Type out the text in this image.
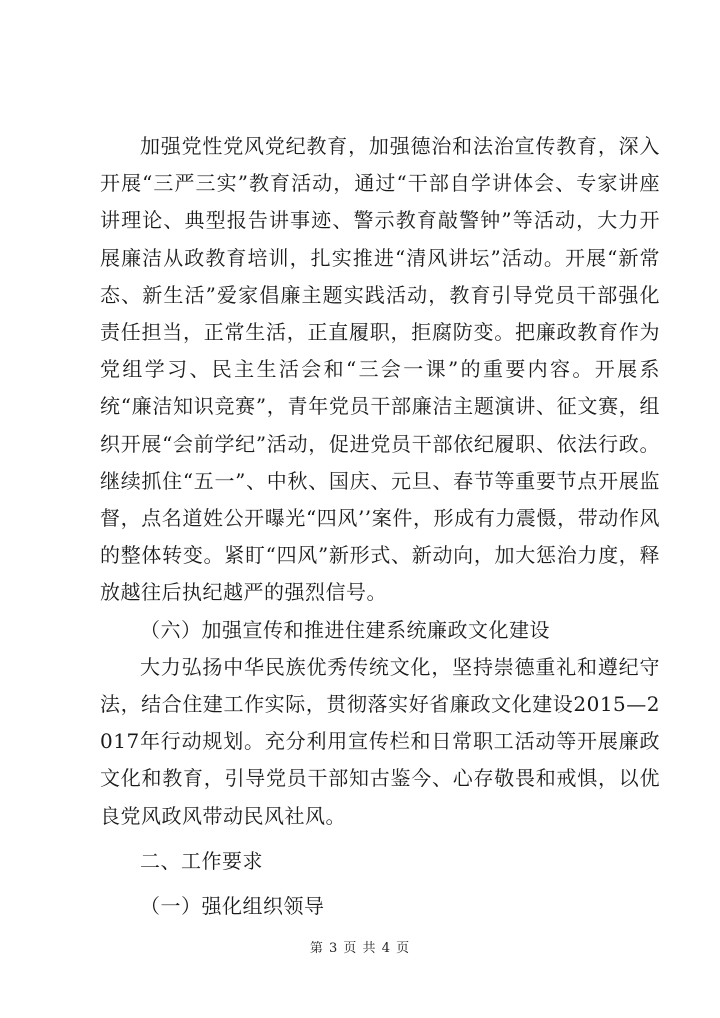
加强党性党风党纪教育，加强德治和法治宣传教育，深入开展“三严三实”教育活动，通过“干部自学讲体会、专家讲座讲理论、典型报告讲事迹、警示教育敲警钟”等活动，大力开展廉洁从政教育培训，扎实推进“清风讲坛”活动。开展“新常态、新生活”爱家倡廉主题实践活动，教育引导党员干部强化责任担当，正常生活，正直履职，拒腐防变。把廉政教育作为党组学习、民主生活会和“三会一课”的重要内容。开展系统“廉洁知识竞赛”，青年党员干部廉洁主题演讲、征文赛，组织开展“会前学纪”活动，促进党员干部依纪履职、依法行政。继续抓住“五一”、中秋、国庆、元旦、春节等重要节点开展监督，点名道姓公开曝光“四风’’案件，形成有力震慑，带动作风的整体转变。紧盯“四风”新形式、新动向，加大惩治力度，释放越往后执纪越严的强烈信号。

（六）加强宣传和推进住建系统廉政文化建设

大力弘扬中华民族优秀传统文化，坚持崇德重礼和遵纪守法，结合住建工作实际，贯彻落实好省廉政文化建设2015—2017年行动规划。充分利用宣传栏和日常职工活动等开展廉政文化和教育，引导党员干部知古鉴今、心存敬畏和戒惧，以优良党风政风带动民风社风。

二、工作要求

（一）强化组织领导

第 3 页 共 4 页
